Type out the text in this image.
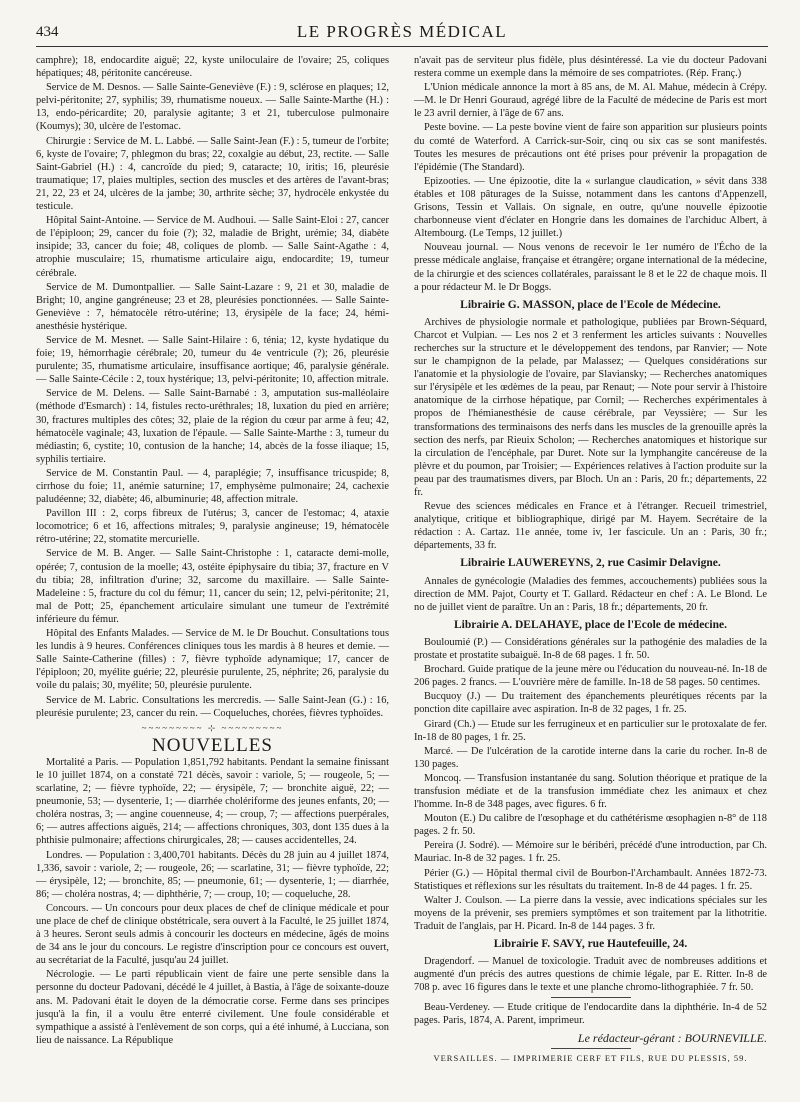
434	LE PROGRÈS MÉDICAL

camphre); 18, endocardite aiguë; 22, kyste uniloculaire de l'ovaire; 25, coliques hépatiques; 48, péritonite cancéreuse.

Service de M. Desnos. — Salle Sainte-Geneviève (F.) : 9, sclérose en plaques; 12, pelvi-péritonite; 27, syphilis; 39, rhumatisme noueux. — Salle Sainte-Marthe (H.) : 13, endo-péricardite; 20, paralysie agitante; 3 et 21, tuberculose pulmonaire (Koumys); 30, ulcère de l'estomac.

Chirurgie : Service de M. L. Labbé. — Salle Saint-Jean (F.) : 5, tumeur de l'orbite; 6, kyste de l'ovaire; 7, phlegmon du bras; 22, coxalgie au début, 23, rectite. — Salle Saint-Gabriel (H.) : 4, cancroïde du pied; 9, cataracte; 10, iritis; 16, pleurésie traumatique; 17, plaies multiples, section des muscles et des artères de l'avant-bras; 21, 22, 23 et 24, ulcères de la jambe; 30, arthrite sèche; 37, hydrocèle enkystée du testicule.

Hôpital Saint-Antoine. — Service de M. Audhoui. — Salle Saint-Eloi : 27, cancer de l'épiploon; 29, cancer du foie (?); 32, maladie de Bright, urémie; 34, diabète insipide; 33, cancer du foie; 48, coliques de plomb. — Salle Saint-Agathe : 4, atrophie musculaire; 15, rhumatisme articulaire aigu, endocardite; 19, tumeur cérébrale.

Service de M. Dumontpallier. — Salle Saint-Lazare : 9, 21 et 30, maladie de Bright; 10, angine gangréneuse; 23 et 28, pleurésies ponctionnées. — Salle Sainte-Geneviève : 7, hématocèle rétro-utérine; 13, érysipèle de la face; 24, hémi-anesthésie hystérique.

Service de M. Mesnet. — Salle Saint-Hilaire : 6, ténia; 12, kyste hydatique du foie; 19, hémorrhagie cérébrale; 20, tumeur du 4e ventricule (?); 26, pleurésie purulente; 35, rhumatisme articulaire, insuffisance aortique; 46, paralysie générale. — Salle Sainte-Cécile : 2, toux hystérique; 13, pelvi-péritonite; 10, affection mitrale.

Service de M. Delens. — Salle Saint-Barnabé : 3, amputation sus-malléolaire (méthode d'Esmarch) : 14, fistules recto-uréthrales; 18, luxation du pied en arrière; 30, fractures multiples des côtes; 32, plaie de la région du cœur par arme à feu; 42, hématocèle vaginale; 43, luxation de l'épaule. — Salle Sainte-Marthe : 3, tumeur du médiastin; 6, cystite; 10, contusion de la hanche; 14, abcès de la fosse iliaque; 15, syphilis tertiaire.

Service de M. Constantin Paul. — 4, paraplégie; 7, insuffisance tricuspide; 8, cirrhose du foie; 11, anémie saturnine; 17, emphysème pulmonaire; 24, cachexie paludéenne; 32, diabète; 46, albuminurie; 48, affection mitrale.

Pavillon III : 2, corps fibreux de l'utérus; 3, cancer de l'estomac; 4, ataxie locomotrice; 6 et 16, affections mitrales; 9, paralysie angineuse; 19, hématocèle rétro-utérine; 22, stomatite mercurielle.

Service de M. B. Anger. — Salle Saint-Christophe : 1, cataracte demi-molle, opérée; 7, contusion de la moelle; 43, ostéite épiphysaire du tibia; 37, fracture en V du tibia; 28, infiltration d'urine; 32, sarcome du maxillaire. — Salle Sainte-Madeleine : 5, fracture du col du fémur; 11, cancer du sein; 12, pelvi-péritonite; 21, mal de Pott; 25, épanchement articulaire simulant une tumeur de l'extrémité inférieure du fémur.

Hôpital des Enfants Malades. — Service de M. le Dr Bouchut. Consultations tous les lundis à 9 heures. Conférences cliniques tous les mardis à 8 heures et demie. — Salle Sainte-Catherine (filles) : 7, fièvre typhoïde adynamique; 17, cancer de l'épiploon; 20, myélite guérie; 22, pleurésie purulente, 25, néphrite; 26, paralysie du voile du palais; 30, myélite; 50, pleurésie purulente.

Service de M. Labric. Consultations les mercredis. — Salle Saint-Jean (G.) : 16, pleurésie purulente; 23, cancer du rein. — Coqueluches, chorées, fièvres typhoïdes.

~~~~~~~~~ ⊹ ~~~~~~~~~
NOUVELLES

Mortalité a Paris. — Population 1,851,792 habitants. Pendant la semaine finissant le 10 juillet 1874, on a constaté 721 décès, savoir : variole, 5; — rougeole, 5; — scarlatine, 2; — fièvre typhoïde, 22; — érysipèle, 7; — bronchite aiguë, 22; — pneumonie, 53; — dysenterie, 1; — diarrhée cholériforme des jeunes enfants, 20; — choléra nostras, 3; — angine couenneuse, 4; — croup, 7; — affections puerpérales, 6; — autres affections aiguës, 214; — affections chroniques, 303, dont 135 dues à la phthisie pulmonaire; affections chirurgicales, 28; — causes accidentelles, 24.

Londres. — Population : 3,400,701 habitants. Décès du 28 juin au 4 juillet 1874, 1,336, savoir : variole, 2; — rougeole, 26; — scarlatine, 31; — fièvre typhoïde, 22; — érysipèle, 12; — bronchite, 85; — pneumonie, 61; — dysenterie, 1; — diarrhée, 86; — choléra nostras, 4; — diphthérie, 7; — croup, 10; — coqueluche, 28.

Concours. — Un concours pour deux places de chef de clinique médicale et pour une place de chef de clinique obstétricale, sera ouvert à la Faculté, le 25 juillet 1874, à 3 heures. Seront seuls admis à concourir les docteurs en médecine, âgés de moins de 34 ans le jour du concours. Le registre d'inscription pour ce concours est ouvert, au secrétariat de la Faculté, jusqu'au 24 juillet.

Nécrologie. — Le parti républicain vient de faire une perte sensible dans la personne du docteur Padovani, décédé le 4 juillet, à Bastia, à l'âge de soixante-douze ans. M. Padovani était le doyen de la démocratie corse. Ferme dans ses principes jusqu'à la fin, il a voulu être enterré civilement. Une foule considérable et sympathique a assisté à l'enlèvement de son corps, qui a été inhumé, à Lucciana, son lieu de naissance. La République

n'avait pas de serviteur plus fidèle, plus désintéressé. La vie du docteur Padovani restera comme un exemple dans la mémoire de ses compatriotes. (Rép. Franç.)

L'Union médicale annonce la mort à 85 ans, de M. Al. Mahue, médecin à Crépy.—M. le Dr Henri Gouraud, agrégé libre de la Faculté de médecine de Paris est mort le 23 avril dernier, à l'âge de 67 ans.

Peste bovine. — La peste bovine vient de faire son apparition sur plusieurs points du comté de Waterford. A Carrick-sur-Soir, cinq ou six cas se sont manifestés. Toutes les mesures de précautions ont été prises pour prévenir la propagation de l'épidémie (The Standard).

Epizooties. — Une épizootie, dite la « surlangue claudication, » sévit dans 338 étables et 108 pâturages de la Suisse, notamment dans les cantons d'Appenzell, Grisons, Tessin et Vallais. On signale, en outre, qu'une nouvelle épizootie charbonneuse vient d'éclater en Hongrie dans les domaines de l'archiduc Albert, à Altembourg. (Le Temps, 12 juillet.)

Nouveau journal. — Nous venons de recevoir le 1er numéro de l'Écho de la presse médicale anglaise, française et étrangère; organe international de la médecine, de la chirurgie et des sciences collatérales, paraissant le 8 et le 22 de chaque mois. Il a pour rédacteur M. le Dr Boggs.

Librairie G. MASSON, place de l'Ecole de Médecine.

Archives de physiologie normale et pathologique, publiées par Brown-Séquard, Charcot et Vulpian. — Les nos 2 et 3 renferment les articles suivants : Nouvelles recherches sur la structure et le développement des tendons, par Ranvier; — Note sur le champignon de la pelade, par Malassez; — Quelques considérations sur l'anatomie et la physiologie de l'ovaire, par Slaviansky; — Recherches anatomiques sur l'érysipèle et les œdèmes de la peau, par Renaut; — Note pour servir à l'histoire anatomique de la cirrhose hépatique, par Cornil; — Recherches expérimentales à propos de l'hémianesthésie de cause cérébrale, par Veyssière; — Sur les transformations des terminaisons des nerfs dans les muscles de la grenouille après la section des nerfs, par Rieuix Scholon; — Recherches anatomiques et historique sur la circulation de l'encéphale, par Duret. Note sur la lymphangite cancéreuse de la plèvre et du poumon, par Troisier; — Expériences relatives à l'action produite sur la peau par des traumatismes divers, par Bloch. Un an : Paris, 20 fr.; départements, 22 fr.

Revue des sciences médicales en France et à l'étranger. Recueil trimestriel, analytique, critique et bibliographique, dirigé par M. Hayem. Secrétaire de la rédaction : A. Cartaz. 11e année, tome iv, 1er fascicule. Un an : Paris, 30 fr.; départements, 33 fr.

Librairie LAUWEREYNS, 2, rue Casimir Delavigne.

Annales de gynécologie (Maladies des femmes, accouchements) publiées sous la direction de MM. Pajot, Courty et T. Gallard. Rédacteur en chef : A. Le Blond. Le no de juillet vient de paraître. Un an : Paris, 18 fr.; départements, 20 fr.

Librairie A. DELAHAYE, place de l'Ecole de médecine.

Bouloumié (P.) — Considérations générales sur la pathogénie des maladies de la prostate et prostatite subaiguë. In-8 de 68 pages. 1 fr. 50.

Brochard. Guide pratique de la jeune mère ou l'éducation du nouveau-né. In-18 de 206 pages. 2 francs. — L'ouvrière mère de famille. In-18 de 58 pages. 50 centimes.

Bucquoy (J.) — Du traitement des épanchements pleurétiques récents par la ponction dite capillaire avec aspiration. In-8 de 32 pages, 1 fr. 25.

Girard (Ch.) — Etude sur les ferrugineux et en particulier sur le protoxalate de fer. In-18 de 80 pages, 1 fr. 25.

Marcé. — De l'ulcération de la carotide interne dans la carie du rocher. In-8 de 130 pages.

Moncoq. — Transfusion instantanée du sang. Solution théorique et pratique de la transfusion médiate et de la transfusion immédiate chez les animaux et chez l'homme. In-8 de 348 pages, avec figures. 6 fr.

Mouton (E.) Du calibre de l'œsophage et du cathétérisme œsophagien n-8° de 118 pages. 2 fr. 50.

Pereira (J. Sodré). — Mémoire sur le béribéri, précédé d'une introduction, par Ch. Mauriac. In-8 de 32 pages. 1 fr. 25.

Périer (G.) — Hôpital thermal civil de Bourbon-l'Archambault. Années 1872-73. Statistiques et réflexions sur les résultats du traitement. In-8 de 44 pages. 1 fr. 25.

Walter J. Coulson. — La pierre dans la vessie, avec indications spéciales sur les moyens de la prévenir, ses premiers symptômes et son traitement par la lithotritie. Traduit de l'anglais, par H. Picard. In-8 de 144 pages. 3 fr.

Librairie F. SAVY, rue Hautefeuille, 24.

Dragendorf. — Manuel de toxicologie. Traduit avec de nombreuses additions et augmenté d'un précis des autres questions de chimie légale, par E. Ritter. In-8 de 708 p. avec 16 figures dans le texte et une planche chromo-lithographiée. 7 fr. 50.

Beau-Verdeney. — Etude critique de l'endocardite dans la diphthérie. In-4 de 52 pages. Paris, 1874, A. Parent, imprimeur.

Le rédacteur-gérant : BOURNEVILLE.
VERSAILLES. — IMPRIMERIE CERF ET FILS, RUE DU PLESSIS, 59.
